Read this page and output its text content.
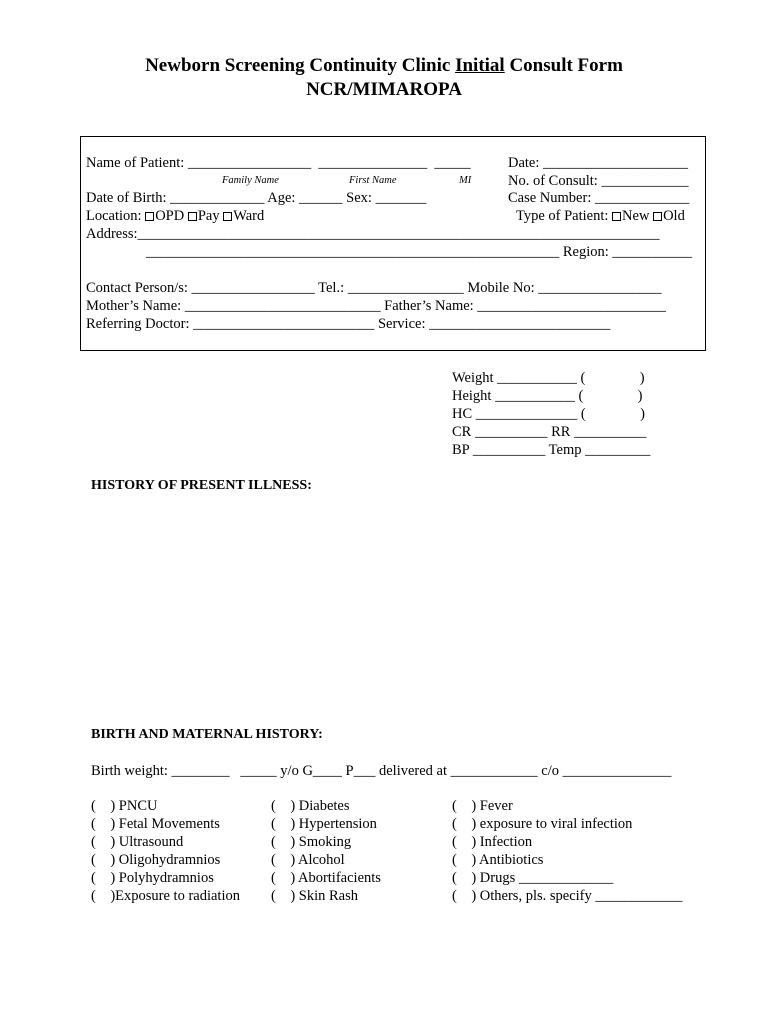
Newborn Screening Continuity Clinic Initial Consult Form
NCR/MIMAROPA
Name of Patient: _________________  _______________  _____	Date: ____________________
Family Name	First Name	MI	No. of Consult: ____________
Date of Birth: _____________ Age: ______ Sex: _______	Case Number: _____________
Location: OPD Pay Ward	Type of Patient: New Old
Address:________________________________________________________________________
_________________________________________________________ Region: ___________
Contact Person/s: _________________ Tel.: ________________ Mobile No: _________________
Mother’s Name: ___________________________ Father’s Name: __________________________
Referring Doctor: _________________________ Service: _________________________
Weight ___________ (               )
Height ___________ (               )
HC ______________ (               )
CR __________ RR __________
BP __________ Temp _________
HISTORY OF PRESENT ILLNESS:
BIRTH AND MATERNAL HISTORY:
Birth weight: ________   _____ y/o G____ P___ delivered at ____________ c/o _______________
(    ) PNCU
(    ) Fetal Movements
(    ) Ultrasound
(    ) Oligohydramnios
(    ) Polyhydramnios
(    )Exposure to radiation
(    ) Diabetes
(    ) Hypertension
(    ) Smoking
(    ) Alcohol
(    ) Abortifacients
(    ) Skin Rash
(    ) Fever
(    ) exposure to viral infection
(    ) Infection
(    ) Antibiotics
(    ) Drugs _____________
(    ) Others, pls. specify ____________
